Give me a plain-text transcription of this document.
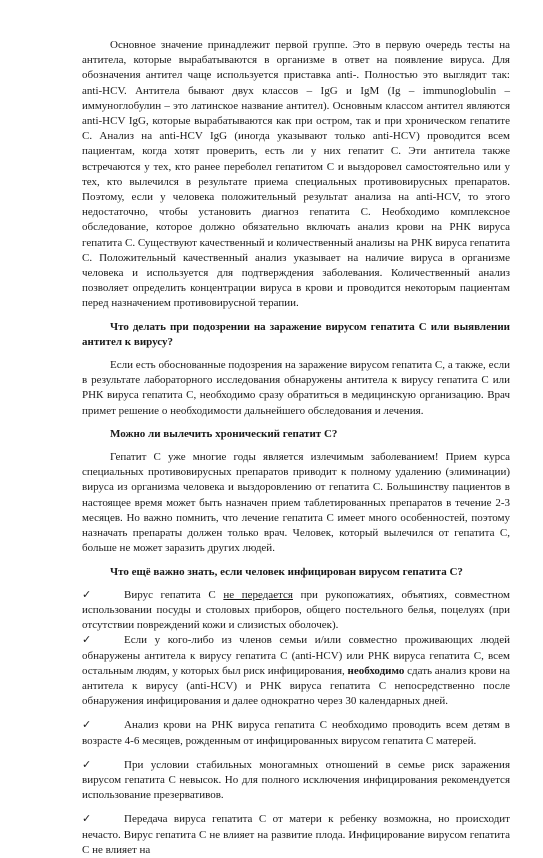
Основное значение принадлежит первой группе. Это в первую очередь тесты на антитела, которые вырабатываются в организме в ответ на появление вируса. Для обозначения антител чаще используется приставка anti-. Полностью это выглядит так: anti-HCV. Антитела бывают двух классов – IgG и IgM (Ig – immunoglobulin – иммуноглобулин – это латинское название антител). Основным классом антител являются anti-HCV IgG, которые вырабатываются как при остром, так и при хроническом гепатите С. Анализ на anti-HCV IgG (иногда указывают только anti-HCV) проводится всем пациентам, когда хотят проверить, есть ли у них гепатит С. Эти антитела также встречаются у тех, кто ранее переболел гепатитом С и выздоровел самостоятельно или у тех, кто вылечился в результате приема специальных противовирусных препаратов. Поэтому, если у человека положительный результат анализа на anti-HCV, то этого недостаточно, чтобы установить диагноз гепатита С. Необходимо комплексное обследование, которое должно обязательно включать анализ крови на РНК вируса гепатита С. Существуют качественный и количественный анализы на РНК вируса гепатита С. Положительный качественный анализ указывает на наличие вируса в организме человека и используется для подтверждения заболевания. Количественный анализ позволяет определить концентрации вируса в крови и проводится некоторым пациентам перед назначением противовирусной терапии.

Что делать при подозрении на заражение вирусом гепатита С или выявлении антител к вирусу?

Если есть обоснованные подозрения на заражение вирусом гепатита С, а также, если в результате лабораторного исследования обнаружены антитела к вирусу гепатита С или РНК вируса гепатита С, необходимо сразу обратиться в медицинскую организацию. Врач примет решение о необходимости дальнейшего обследования и лечения.

Можно ли вылечить хронический гепатит С?

Гепатит С уже многие годы является излечимым заболеванием! Прием курса специальных противовирусных препаратов приводит к полному удалению (элиминации) вируса из организма человека и выздоровлению от гепатита С. Большинству пациентов в настоящее время может быть назначен прием таблетированных препаратов в течение 2-3 месяцев. Но важно помнить, что лечение гепатита С имеет много особенностей, поэтому назначать препараты должен только врач. Человек, который вылечился от гепатита С, больше не может заразить других людей.

Что ещё важно знать, если человек инфицирован вирусом гепатита С?

✓	Вирус гепатита С не передается при рукопожатиях, объятиях, совместном использовании посуды и столовых приборов, общего постельного белья, поцелуях (при отсутствии повреждений кожи и слизистых оболочек).

✓	Если у кого-либо из членов семьи и/или совместно проживающих людей обнаружены антитела к вирусу гепатита С (anti-HCV) или РНК вируса гепатита С, всем остальным людям, у которых был риск инфицирования, необходимо сдать анализ крови на антитела к вирусу (anti-HCV) и РНК вируса гепатита С непосредственно после обнаружения инфицирования и далее однократно через 30 календарных дней.

✓	Анализ крови на РНК вируса гепатита С необходимо проводить всем детям в возрасте 4-6 месяцев, рожденным от инфицированных вирусом гепатита С матерей.

✓	При условии стабильных моногамных отношений в семье риск заражения вирусом гепатита С невысок. Но для полного исключения инфицирования рекомендуется использование презервативов.

✓	Передача вируса гепатита С от матери к ребенку возможна, но происходит нечасто. Вирус гепатита С не влияет на развитие плода. Инфицирование вирусом гепатита С не влияет на
